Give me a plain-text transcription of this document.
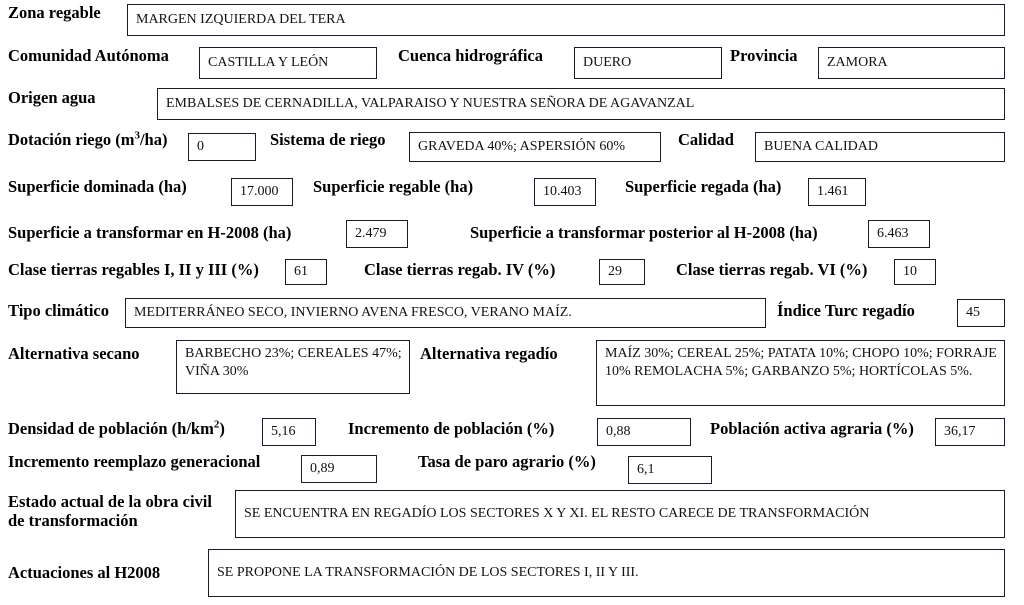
Zona regable	MARGEN IZQUIERDA DEL TERA
Comunidad Autónoma	CASTILLA Y LEÓN	Cuenca hidrográfica	DUERO	Provincia ZAMORA
Origen agua	EMBALSES DE CERNADILLA, VALPARAISO Y NUESTRA SEÑORA DE AGAVANZAL
Dotación riego $(m^3/ha)$ 0	Sistema de riego GRAVEDA 40%; ASPERSIÓN 60%	Calidad BUENA CALIDAD
Superficie dominada (ha)	17.000 Superficie regable (ha)	10.403	Superficie regada (ha)	1.461
Superficie a transformar en H-2008 (ha)	2.479	Superficie a transformar posterior al H-2008 (ha)	6.463
Clase tierras regables I, II y III (%)	61	Clase tierras regab. IV (%)	29	Clase tierras regab. VI (%)	10
Tipo climático MEDITERRÁNEO SECO, INVIERNO AVENA FRESCO, VERANO MAÍZ.	Índice Turc regadío	45
Alternativa secano	BARBECHO 23%; CEREALES 47%; VIÑA 30%
Alternativa regadío	MAÍZ 30%; CEREAL 25%; PATATA 10%; CHOPO 10%; FORRAJE 10% REMOLACHA 5%; GARBANZO 5%; HORTÍCOLAS 5%.
Densidad de población $(h/km^2)$	5,16	Incremento de población (%)	0,88	Población activa agraria (%) 36,17
Incremento reemplazo generacional	0,89	Tasa de paro agrario (%)	6,1
Estado actual de la obra civil
de transformación	SE ENCUENTRA EN REGADÍO LOS SECTORES X Y XI. EL RESTO CARECE DE TRANSFORMACIÓN
Actuaciones al H2008	SE PROPONE LA TRANSFORMACIÓN DE LOS SECTORES I, II Y III.
